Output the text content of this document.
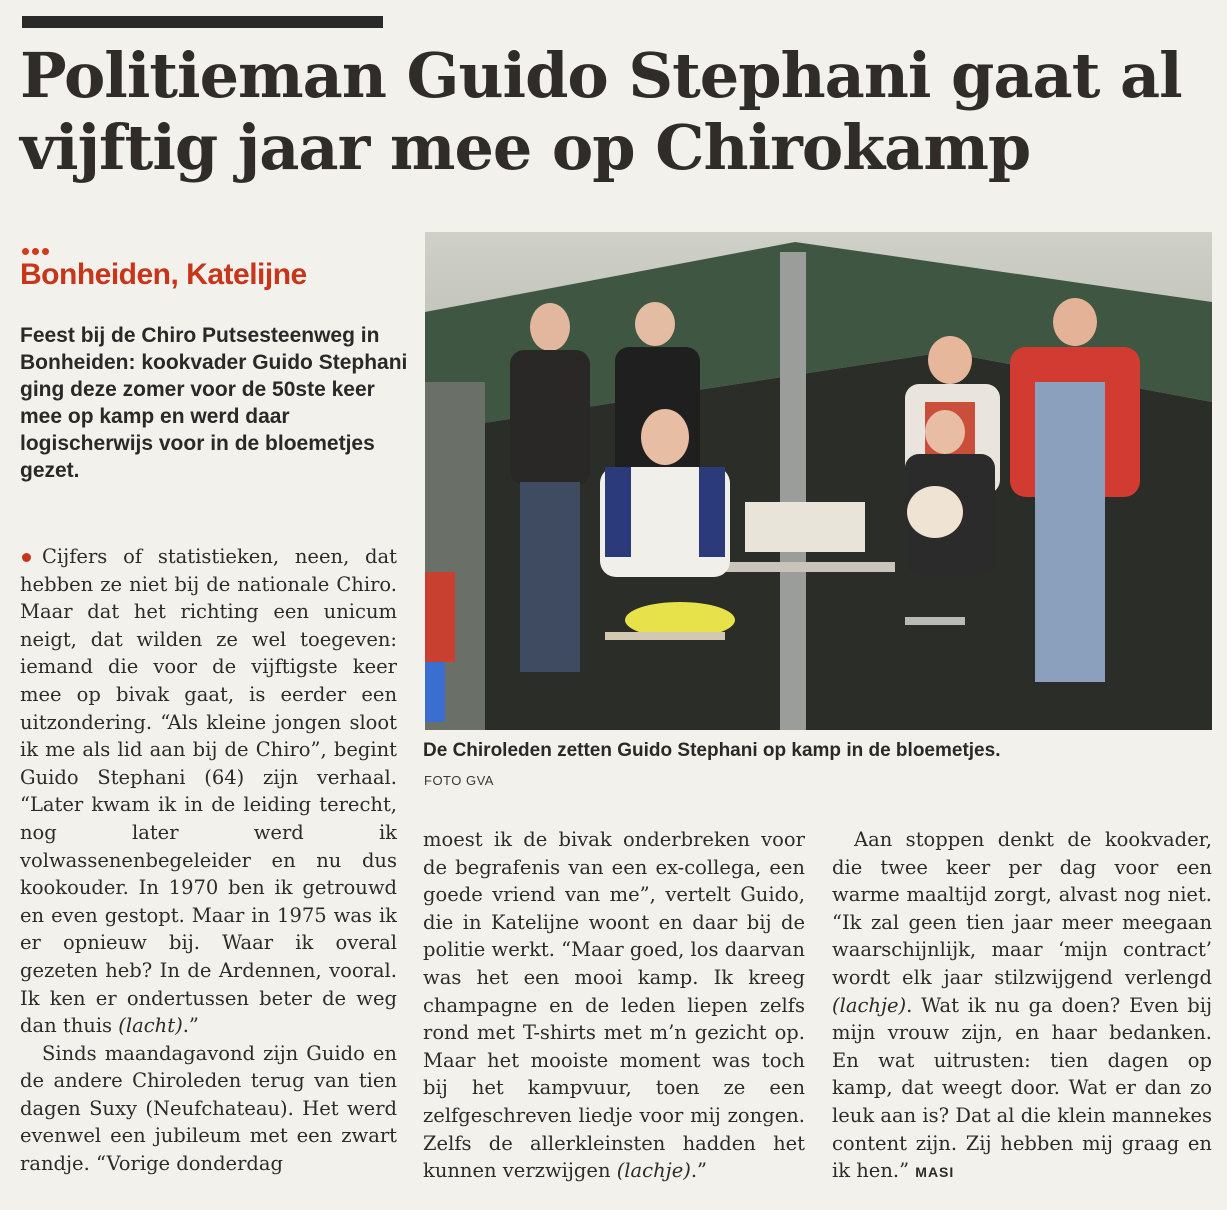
Politieman Guido Stephani gaat al vijftig jaar mee op Chirokamp
Bonheiden, Katelijne
Feest bij de Chiro Putsesteenweg in Bonheiden: kookvader Guido Stephani ging deze zomer voor de 50ste keer mee op kamp en werd daar logischerwijs voor in de bloemetjes gezet.
De Chiroleden zetten Guido Stephani op kamp in de bloemetjes.
FOTO GVA

Cijfers of statistieken, neen, dat hebben ze niet bij de nationale Chiro. Maar dat het richting een unicum neigt, dat wilden ze wel toegeven: iemand die voor de vijftigste keer mee op bivak gaat, is eerder een uitzondering. “Als kleine jongen sloot ik me als lid aan bij de Chiro”, begint Guido Stephani (64) zijn verhaal. “Later kwam ik in de leiding terecht, nog later werd ik volwassenenbegeleider en nu dus kookouder. In 1970 ben ik getrouwd en even gestopt. Maar in 1975 was ik er opnieuw bij. Waar ik overal gezeten heb? In de Ardennen, vooral. Ik ken er ondertussen beter de weg dan thuis (lacht).”

Sinds maandagavond zijn Guido en de andere Chiroleden terug van tien dagen Suxy (Neufchateau). Het werd evenwel een jubileum met een zwart randje. “Vorige donderdag

moest ik de bivak onderbreken voor de begrafenis van een ex-collega, een goede vriend van me”, vertelt Guido, die in Katelijne woont en daar bij de politie werkt. “Maar goed, los daarvan was het een mooi kamp. Ik kreeg champagne en de leden liepen zelfs rond met T-shirts met m’n gezicht op. Maar het mooiste moment was toch bij het kampvuur, toen ze een zelfgeschreven liedje voor mij zongen. Zelfs de allerkleinsten hadden het kunnen verzwijgen (lachje).”

Aan stoppen denkt de kookvader, die twee keer per dag voor een warme maaltijd zorgt, alvast nog niet. “Ik zal geen tien jaar meer meegaan waarschijnlijk, maar ‘mijn contract’ wordt elk jaar stilzwijgend verlengd (lachje). Wat ik nu ga doen? Even bij mijn vrouw zijn, en haar bedanken. En wat uitrusten: tien dagen op kamp, dat weegt door. Wat er dan zo leuk aan is? Dat al die klein mannekes content zijn. Zij hebben mij graag en ik hen.” MASI
